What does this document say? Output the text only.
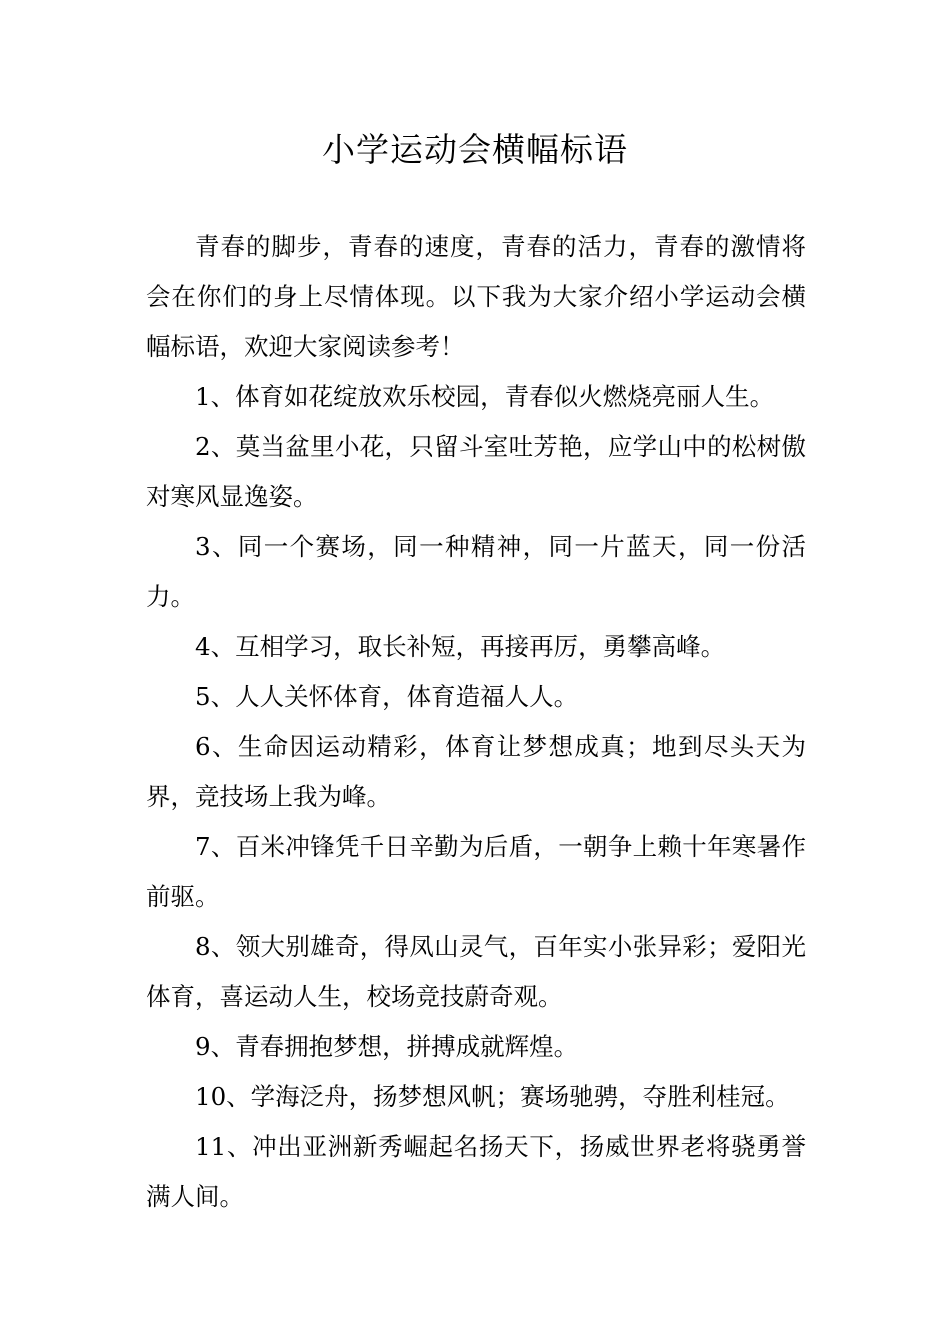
小学运动会横幅标语

青春的脚步，青春的速度，青春的活力，青春的激情将会在你们的身上尽情体现。以下我为大家介绍小学运动会横幅标语，欢迎大家阅读参考！

1、体育如花绽放欢乐校园，青春似火燃烧亮丽人生。

2、莫当盆里小花，只留斗室吐芳艳，应学山中的松树傲对寒风显逸姿。

3、同一个赛场，同一种精神，同一片蓝天，同一份活力。

4、互相学习，取长补短，再接再厉，勇攀高峰。

5、人人关怀体育，体育造福人人。

6、生命因运动精彩，体育让梦想成真；地到尽头天为界，竞技场上我为峰。

7、百米冲锋凭千日辛勤为后盾，一朝争上赖十年寒暑作前驱。

8、领大别雄奇，得凤山灵气，百年实小张异彩；爱阳光体育，喜运动人生，校场竞技蔚奇观。

9、青春拥抱梦想，拼搏成就辉煌。

10、学海泛舟，扬梦想风帆；赛场驰骋，夺胜利桂冠。

11、冲出亚洲新秀崛起名扬天下，扬威世界老将骁勇誉满人间。
